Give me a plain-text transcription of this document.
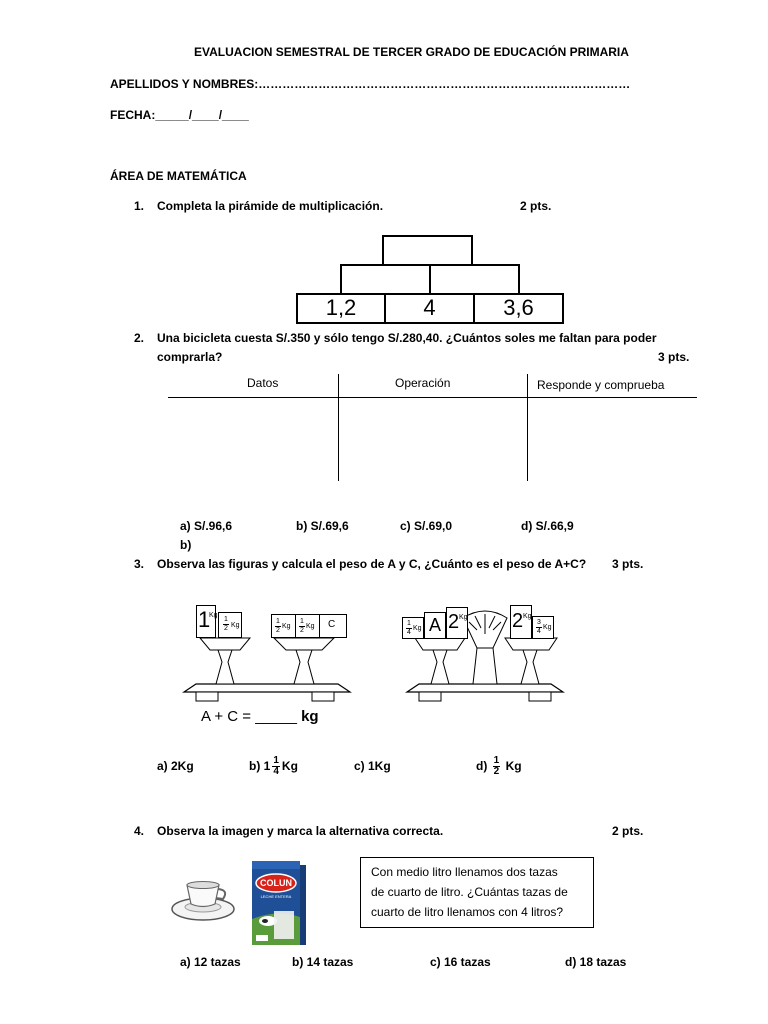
EVALUACION SEMESTRAL DE TERCER GRADO DE EDUCACIÓN PRIMARIA
APELLIDOS Y NOMBRES:…………………………………………………………………………………
FECHA:_____/____/____
ÁREA DE MATEMÁTICA
1. Completa la pirámide de multiplicación.	2 pts.
1,2	4	3,6
2. Una bicicleta cuesta S/.350 y sólo tengo S/.280,40. ¿Cuántos soles me faltan para poder
comprarla?	3 pts.
Datos	Operación	Responde y comprueba
a) S/.96,6	b) S/.69,6	c) S/.69,0	d) S/.66,9
b)
3. Observa las figuras y calcula el peso de A y C, ¿Cuánto es el peso de A+C? 3 pts.
1
Kg
$\frac{1}{2}$ Kg	$\frac{1}{2}$ Kg $\frac{1}{2}$ Kg C
A + C = _____ kg
$\frac{1}{4}$ Kg A 2 Kg 2 Kg
$\frac{3}{4}$ Kg
a) 2Kg	b) $1 \frac{1}{4}$ Kg	c) 1Kg	$d) \frac{1}{2}$ Kg
4. Observa la imagen y marca la alternativa correcta.	2 pts.
COLUN
LECHE ENTERA
Con medio litro llenamos dos tazas
de cuarto de litro. ¿Cuántas tazas de
cuarto de litro llenamos con 4 litros?
a) 12 tazas	b) 14 tazas	c) 16 tazas	d) 18 tazas
